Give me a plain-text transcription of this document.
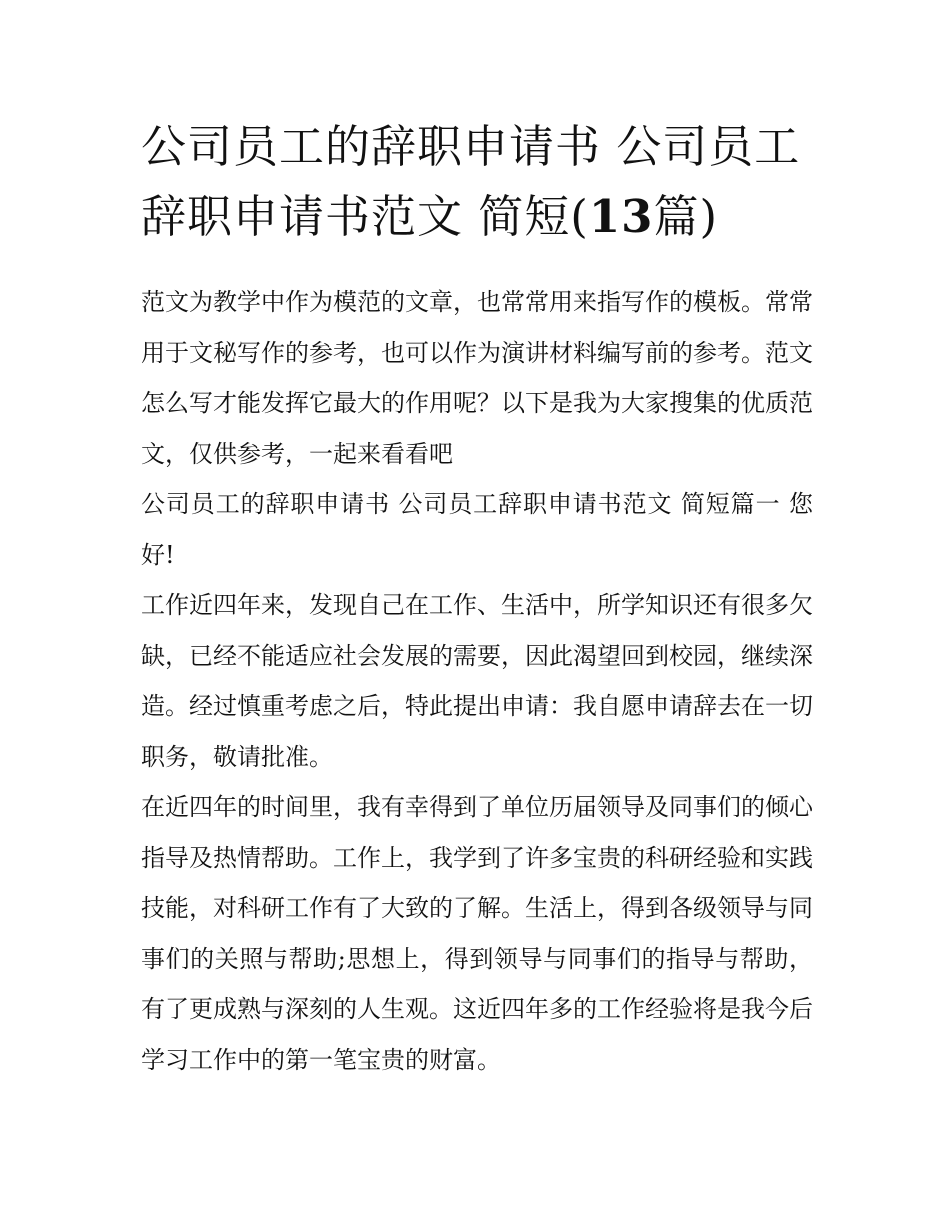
公司员工的辞职申请书 公司员工辞职申请书范文 简短(13篇)

范文为教学中作为模范的文章，也常常用来指写作的模板。常常用于文秘写作的参考，也可以作为演讲材料编写前的参考。范文怎么写才能发挥它最大的作用呢？以下是我为大家搜集的优质范文，仅供参考，一起来看看吧

公司员工的辞职申请书 公司员工辞职申请书范文 简短篇一 您好!

工作近四年来，发现自己在工作、生活中，所学知识还有很多欠缺，已经不能适应社会发展的需要，因此渴望回到校园，继续深造。经过慎重考虑之后，特此提出申请：我自愿申请辞去在一切职务，敬请批准。

在近四年的时间里，我有幸得到了单位历届领导及同事们的倾心指导及热情帮助。工作上，我学到了许多宝贵的科研经验和实践技能，对科研工作有了大致的了解。生活上，得到各级领导与同事们的关照与帮助;思想上，得到领导与同事们的指导与帮助，有了更成熟与深刻的人生观。这近四年多的工作经验将是我今后学习工作中的第一笔宝贵的财富。
